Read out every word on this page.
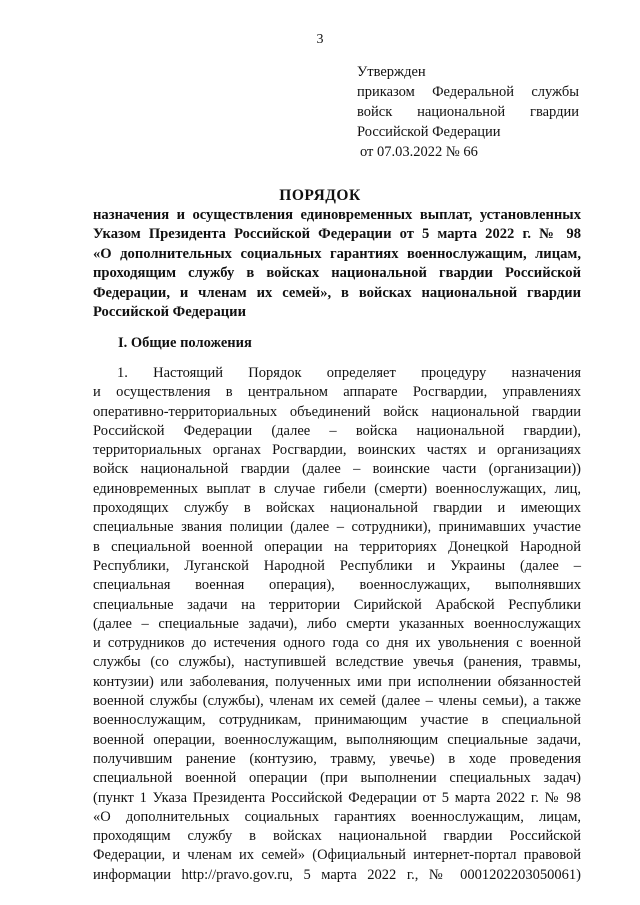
3
Утвержден
приказом Федеральной службы
войск национальной гвардии
Российской Федерации
от 07.03.2022 № 66
ПОРЯДОК
назначения и осуществления единовременных выплат, установленных
Указом Президента Российской Федерации от 5 марта 2022 г. № 98
«О дополнительных социальных гарантиях военнослужащим, лицам,
проходящим службу в войсках национальной гвардии Российской
Федерации, и членам их семей», в войсках национальной гвардии
Российской Федерации
I. Общие положения
1. Настоящий Порядок определяет процедуру назначения
и осуществления в центральном аппарате Росгвардии, управлениях
оперативно-территориальных объединений войск национальной гвардии
Российской Федерации (далее – войска национальной гвардии),
территориальных органах Росгвардии, воинских частях и организациях
войск национальной гвардии (далее – воинские части (организации))
единовременных выплат в случае гибели (смерти) военнослужащих, лиц,
проходящих службу в войсках национальной гвардии и имеющих
специальные звания полиции (далее – сотрудники), принимавших участие
в специальной военной операции на территориях Донецкой Народной
Республики, Луганской Народной Республики и Украины (далее –
специальная военная операция), военнослужащих, выполнявших
специальные задачи на территории Сирийской Арабской Республики
(далее – специальные задачи), либо смерти указанных военнослужащих
и сотрудников до истечения одного года со дня их увольнения с военной
службы (со службы), наступившей вследствие увечья (ранения, травмы,
контузии) или заболевания, полученных ими при исполнении обязанностей
военной службы (службы), членам их семей (далее – члены семьи), а также
военнослужащим, сотрудникам, принимающим участие в специальной
военной операции, военнослужащим, выполняющим специальные задачи,
получившим ранение (контузию, травму, увечье) в ходе проведения
специальной военной операции (при выполнении специальных задач)
(пункт 1 Указа Президента Российской Федерации от 5 марта 2022 г. № 98
«О дополнительных социальных гарантиях военнослужащим, лицам,
проходящим службу в войсках национальной гвардии Российской
Федерации, и членам их семей» (Официальный интернет-портал правовой
информации http://pravo.gov.ru, 5 марта 2022 г., № 0001202203050061)
